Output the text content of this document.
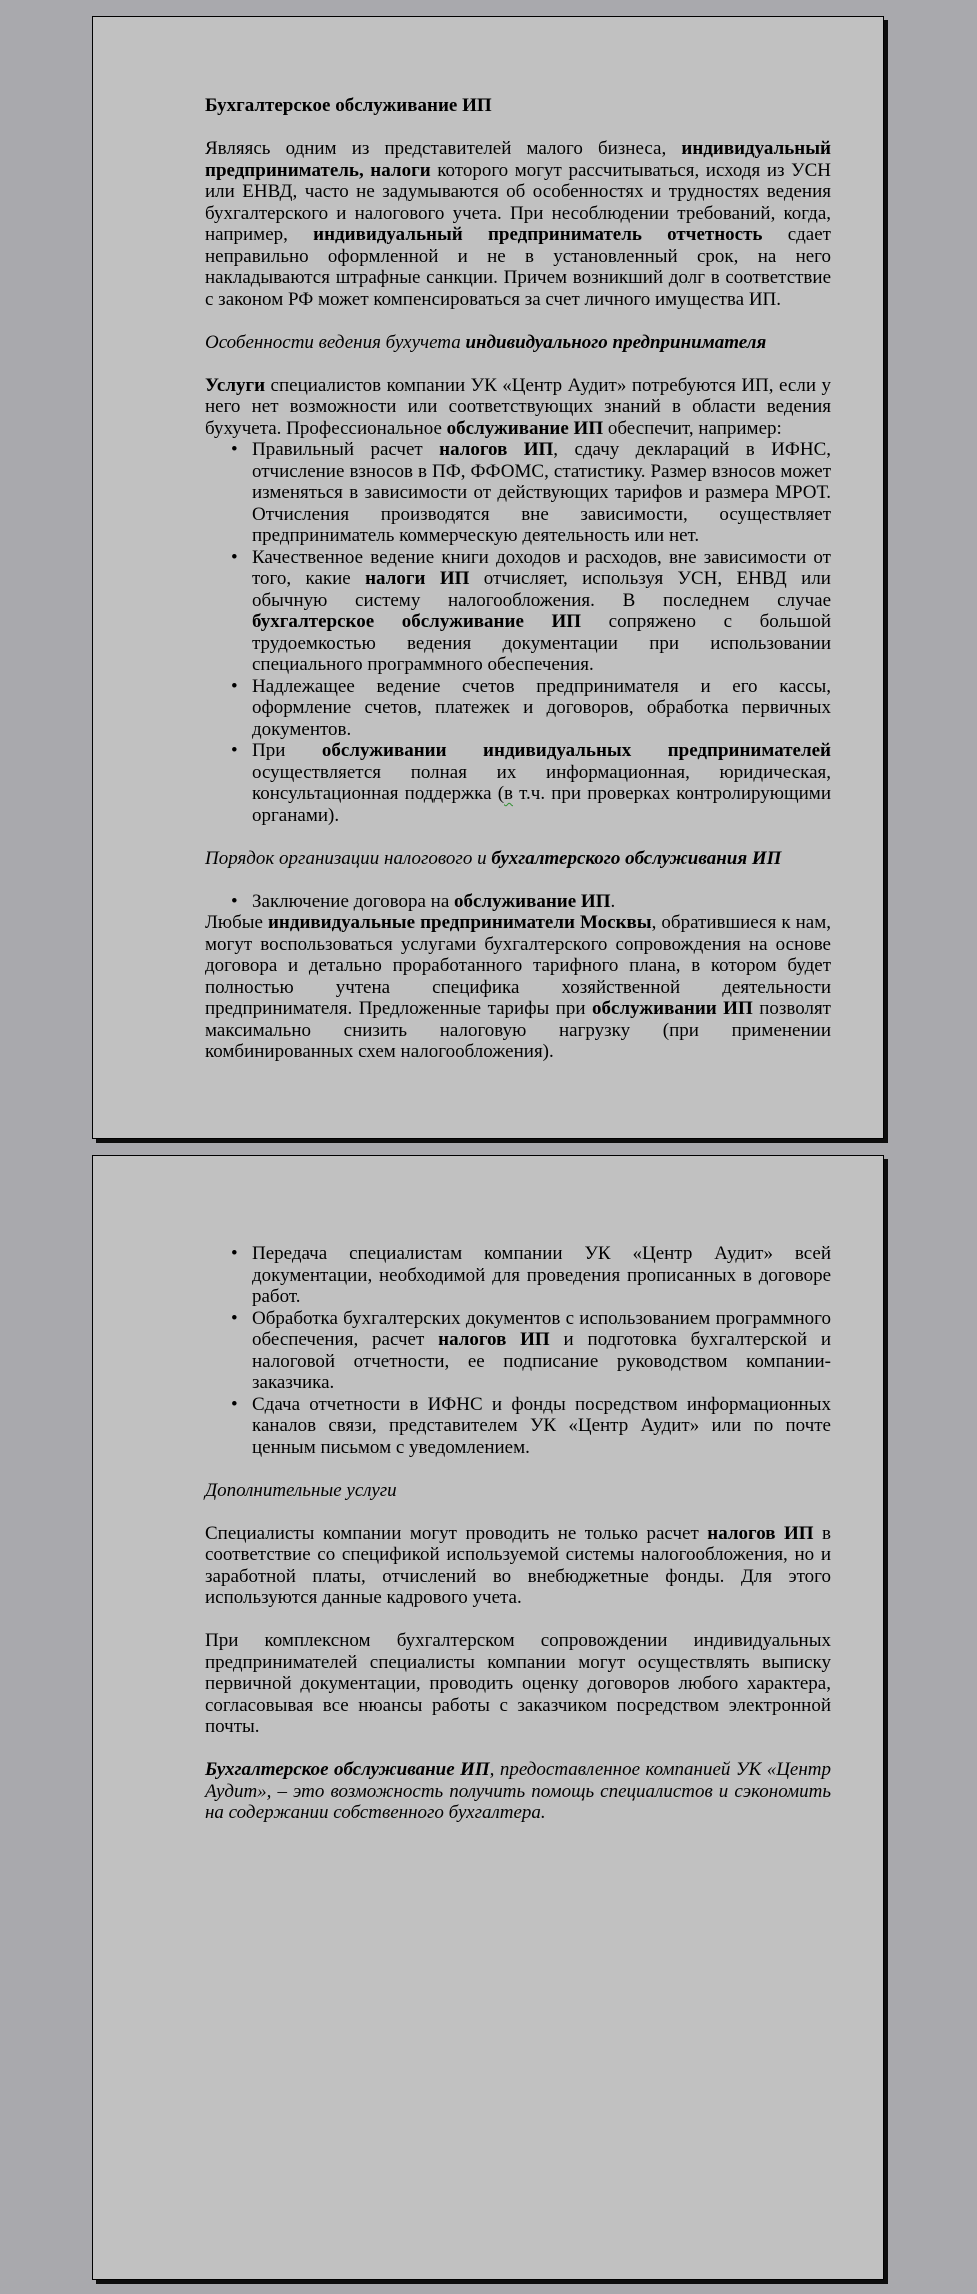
Бухгалтерское обслуживание ИП

Являясь одним из представителей малого бизнеса, индивидуальный предприниматель, налоги которого могут рассчитываться, исходя из УСН или ЕНВД, часто не задумываются об особенностях и трудностях ведения бухгалтерского и налогового учета. При несоблюдении требований, когда, например, индивидуальный предприниматель отчетность сдает неправильно оформленной и не в установленный срок, на него накладываются штрафные санкции. Причем возникший долг в соответствие с законом РФ может компенсироваться за счет личного имущества ИП.

Особенности ведения бухучета индивидуального предпринимателя

Услуги специалистов компании УК «Центр Аудит» потребуются ИП, если у него нет возможности или соответствующих знаний в области ведения бухучета. Профессиональное обслуживание ИП обеспечит, например:

• Правильный расчет налогов ИП, сдачу деклараций в ИФНС, отчисление взносов в ПФ, ФФОМС, статистику. Размер взносов может изменяться в зависимости от действующих тарифов и размера МРОТ. Отчисления производятся вне зависимости, осуществляет предприниматель коммерческую деятельность или нет.
• Качественное ведение книги доходов и расходов, вне зависимости от того, какие налоги ИП отчисляет, используя УСН, ЕНВД или обычную систему налогообложения. В последнем случае бухгалтерское обслуживание ИП сопряжено с большой трудоемкостью ведения документации при использовании специального программного обеспечения.
• Надлежащее ведение счетов предпринимателя и его кассы, оформление счетов, платежек и договоров, обработка первичных документов.
• При обслуживании индивидуальных предпринимателей осуществляется полная их информационная, юридическая, консультационная поддержка (в т.ч. при проверках контролирующими органами).

Порядок организации налогового и бухгалтерского обслуживания ИП

• Заключение договора на обслуживание ИП.

Любые индивидуальные предприниматели Москвы, обратившиеся к нам, могут воспользоваться услугами бухгалтерского сопровождения на основе договора и детально проработанного тарифного плана, в котором будет полностью учтена специфика хозяйственной деятельности предпринимателя. Предложенные тарифы при обслуживании ИП позволят максимально снизить налоговую нагрузку (при применении комбинированных схем налогообложения).

• Передача специалистам компании УК «Центр Аудит» всей документации, необходимой для проведения прописанных в договоре работ.
• Обработка бухгалтерских документов с использованием программного обеспечения, расчет налогов ИП и подготовка бухгалтерской и налоговой отчетности, ее подписание руководством компании-заказчика.
• Сдача отчетности в ИФНС и фонды посредством информационных каналов связи, представителем УК «Центр Аудит» или по почте ценным письмом с уведомлением.

Дополнительные услуги

Специалисты компании могут проводить не только расчет налогов ИП в соответствие со спецификой используемой системы налогообложения, но и заработной платы, отчислений во внебюджетные фонды. Для этого используются данные кадрового учета.

При комплексном бухгалтерском сопровождении индивидуальных предпринимателей специалисты компании могут осуществлять выписку первичной документации, проводить оценку договоров любого характера, согласовывая все нюансы работы с заказчиком посредством электронной почты.

Бухгалтерское обслуживание ИП, предоставленное компанией УК «Центр Аудит», – это возможность получить помощь специалистов и сэкономить на содержании собственного бухгалтера.
